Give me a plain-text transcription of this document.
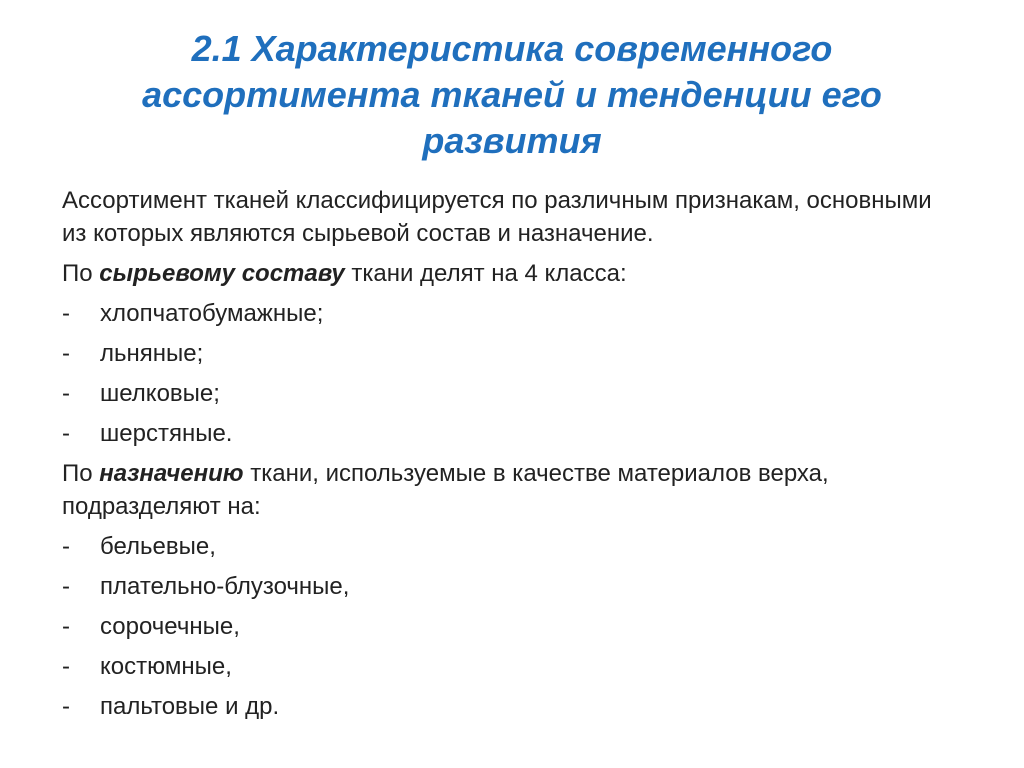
2.1 Характеристика современного ассортимента тканей и тенденции его развития

Ассортимент тканей классифицируется по различным признакам, основными из которых являются сырьевой состав и назначение.

По сырьевому составу ткани делят на 4 класса:

- хлопчатобумажные;
- льняные;
- шелковые;
- шерстяные.

По назначению ткани, используемые в качестве материалов верха, подразделяют на:

- бельевые,
- плательно-блузочные,
- сорочечные,
- костюмные,
- пальтовые и др.
